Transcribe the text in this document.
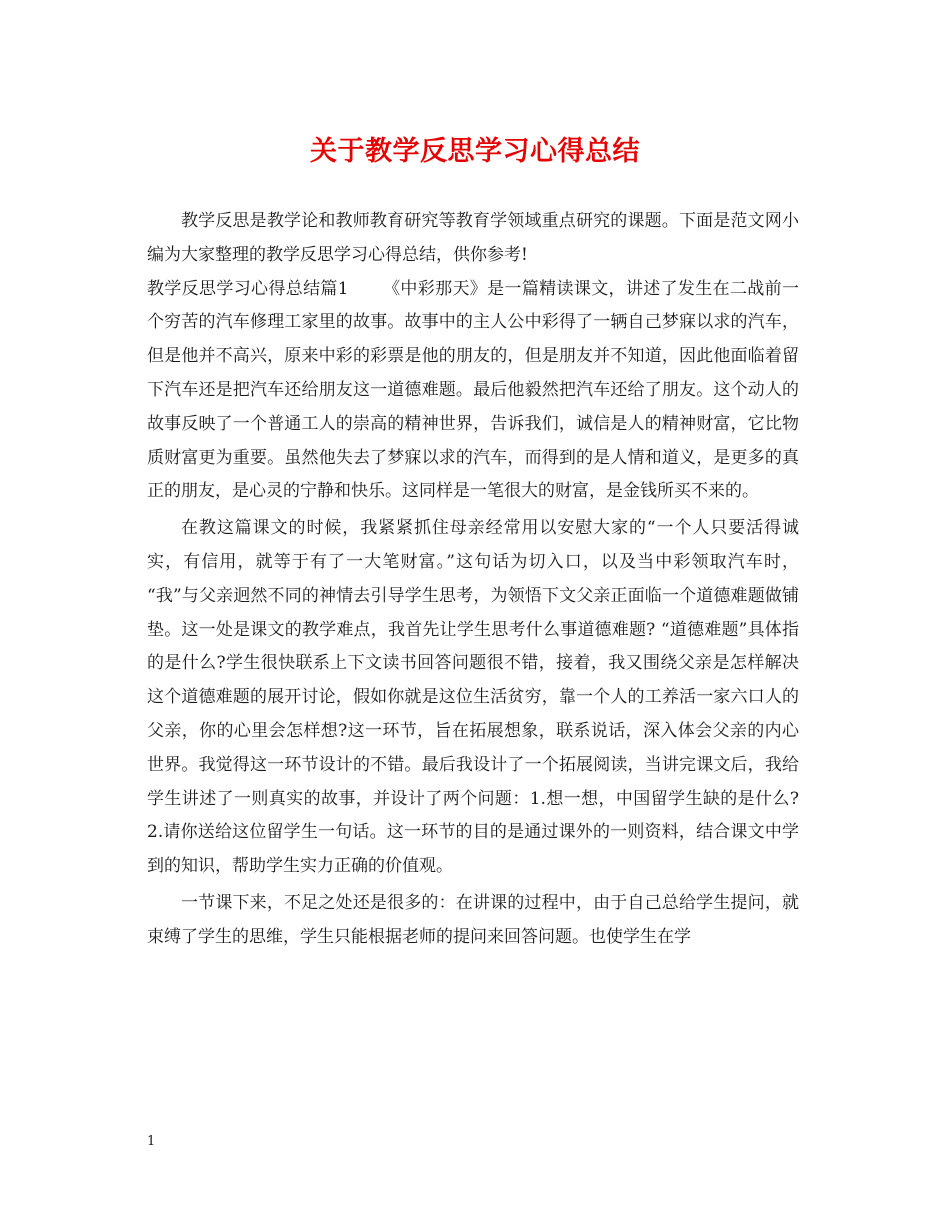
关于教学反思学习心得总结

教学反思是教学论和教师教育研究等教育学领域重点研究的课题。下面是范文网小编为大家整理的教学反思学习心得总结，供你参考!

教学反思学习心得总结篇1 《中彩那天》是一篇精读课文，讲述了发生在二战前一个穷苦的汽车修理工家里的故事。故事中的主人公中彩得了一辆自己梦寐以求的汽车，但是他并不高兴，原来中彩的彩票是他的朋友的，但是朋友并不知道，因此他面临着留下汽车还是把汽车还给朋友这一道德难题。最后他毅然把汽车还给了朋友。这个动人的故事反映了一个普通工人的崇高的精神世界，告诉我们，诚信是人的精神财富，它比物质财富更为重要。虽然他失去了梦寐以求的汽车，而得到的是人情和道义，是更多的真正的朋友，是心灵的宁静和快乐。这同样是一笔很大的财富，是金钱所买不来的。

在教这篇课文的时候，我紧紧抓住母亲经常用以安慰大家的“一个人只要活得诚实，有信用，就等于有了一大笔财富。”这句话为切入口，以及当中彩领取汽车时， “我”与父亲迥然不同的神情去引导学生思考，为领悟下文父亲正面临一个道德难题做铺垫。这一处是课文的教学难点，我首先让学生思考什么事道德难题? “道德难题”具体指的是什么?学生很快联系上下文读书回答问题很不错，接着，我又围绕父亲是怎样解决这个道德难题的展开讨论，假如你就是这位生活贫穷，靠一个人的工养活一家六口人的父亲，你的心里会怎样想?这一环节，旨在拓展想象，联系说话，深入体会父亲的内心世界。我觉得这一环节设计的不错。最后我设计了一个拓展阅读，当讲完课文后，我给学生讲述了一则真实的故事，并设计了两个问题：1.想一想，中国留学生缺的是什么?2.请你送给这位留学生一句话。这一环节的目的是通过课外的一则资料，结合课文中学到的知识，帮助学生实力正确的价值观。

一节课下来，不足之处还是很多的：在讲课的过程中，由于自己总给学生提问，就束缚了学生的思维，学生只能根据老师的提问来回答问题。也使学生在学

1
